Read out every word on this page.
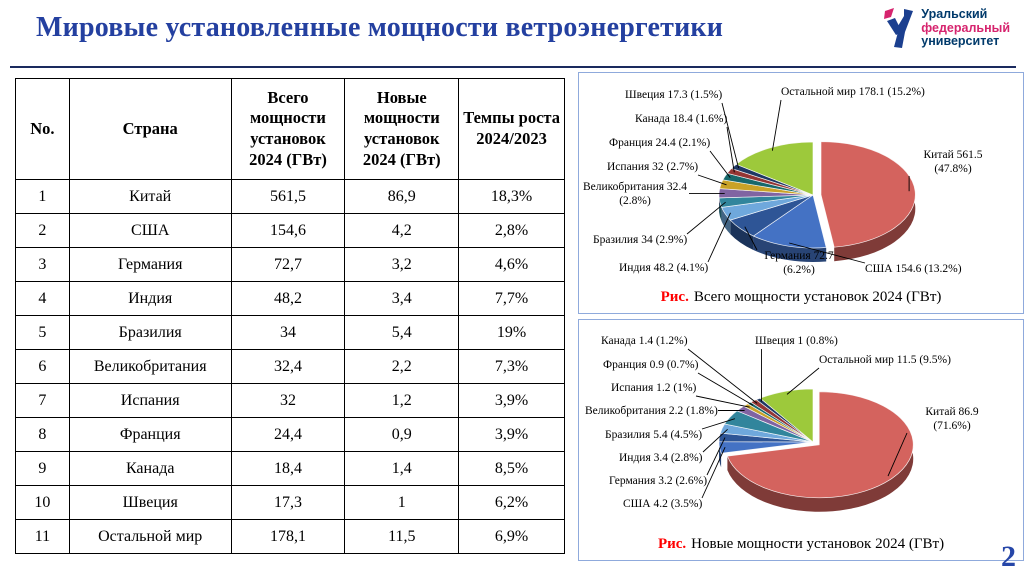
Мировые установленные мощности ветроэнергетики	Уральский
федеральный
университет
No.	Страна	Всего мощности установок 2024 (ГВт)	Новые мощности установок 2024 (ГВт)	Темпы роста 2024/2023
1	Китай	561,5	86,9	18,3%
2	США	154,6	4,2	2,8%
3	Германия	72,7	3,2	4,6%
4	Индия	48,2	3,4	7,7%
5	Бразилия	34	5,4	19%
6	Великобритания	32,4	2,2	7,3%
7	Испания	32	1,2	3,9%
8	Франция	24,4	0,9	3,9%
9	Канада	18,4	1,4	8,5%
10	Швеция	17,3	1	6,2%
11	Остальной мир	178,1	11,5	6,9%
Китай 561.5 (47.8%)
США 154.6 (13.2%)
Германия 72.7 (6.2%)
Индия 48.2 (4.1%)
Бразилия 34 (2.9%)
Великобритания 32.4 (2.8%)
Испания 32 (2.7%)
Франция 24.4 (2.1%)
Канада 18.4 (1.6%)
Швеция 17.3 (1.5%)	Остальной мир 178.1 (15.2%)
Рис. Всего мощности установок 2024 (ГВт)
Китай 86.9 (71.6%)
США 4.2 (3.5%)
Германия 3.2 (2.6%)
Индия 3.4 (2.8%)
Бразилия 5.4 (4.5%)
Великобритания 2.2 (1.8%)
Испания 1.2 (1%)
Франция 0.9 (0.7%)
Канада 1.4 (1.2%)	Швеция 1 (0.8%)
Остальной мир 11.5 (9.5%)
Рис. Новые мощности установок 2024 (ГВт)	2
